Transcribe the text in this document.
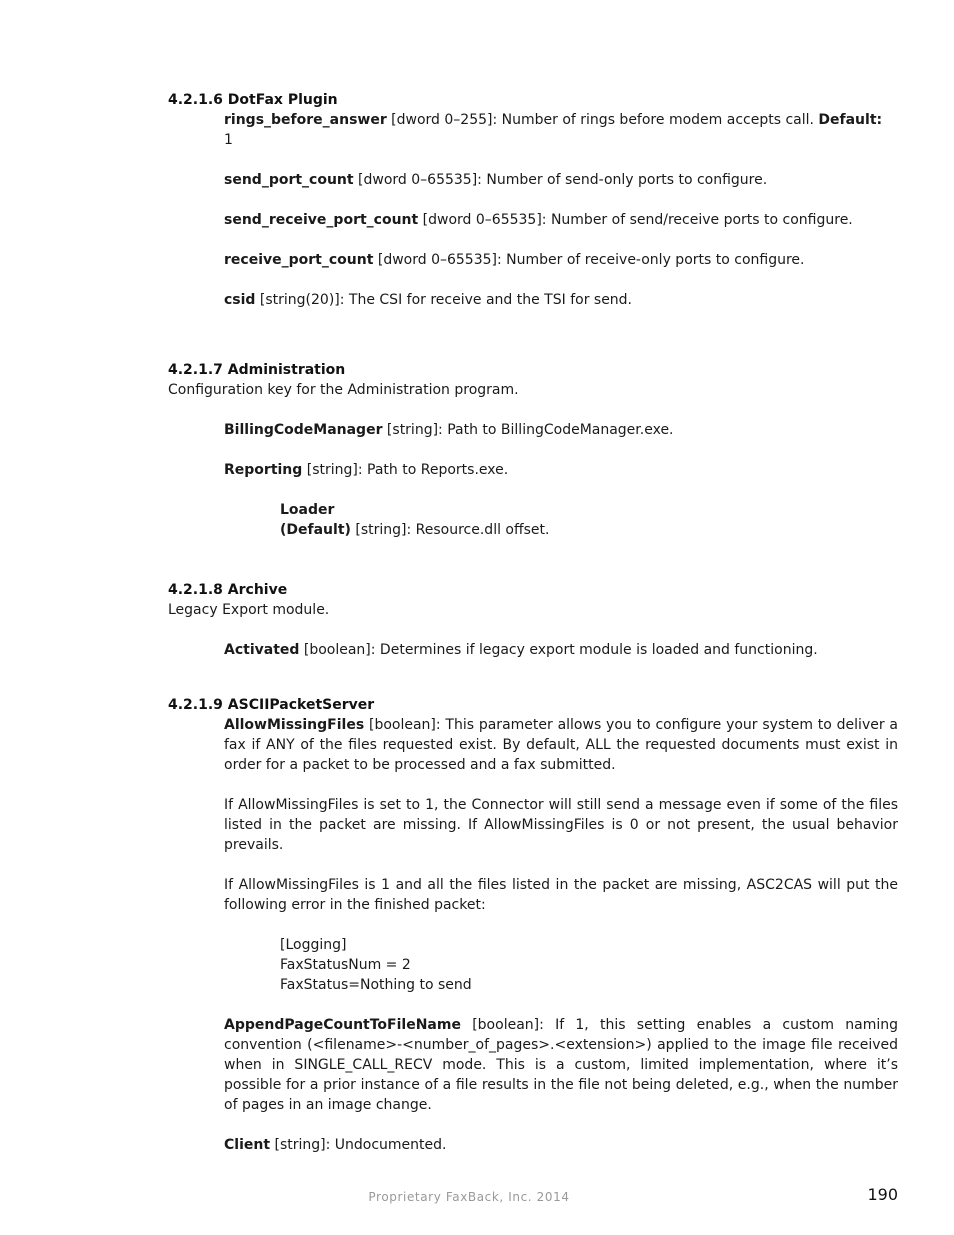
4.2.1.6 DotFax Plugin

rings_before_answer [dword 0–255]: Number of rings before modem accepts call. Default:
1

send_port_count [dword 0–65535]: Number of send-only ports to configure.

send_receive_port_count [dword 0–65535]: Number of send/receive ports to configure.

receive_port_count [dword 0–65535]: Number of receive-only ports to configure.

csid [string(20)]: The CSI for receive and the TSI for send.

4.2.1.7 Administration

Configuration key for the Administration program.

BillingCodeManager [string]: Path to BillingCodeManager.exe.

Reporting [string]: Path to Reports.exe.

Loader

(Default) [string]: Resource.dll offset.

4.2.1.8 Archive

Legacy Export module.

Activated [boolean]: Determines if legacy export module is loaded and functioning.

4.2.1.9 ASCIIPacketServer

AllowMissingFiles [boolean]: This parameter allows you to configure your system to deliver a fax if ANY of the files requested exist. By default, ALL the requested documents must exist in order for a packet to be processed and a fax submitted.

If AllowMissingFiles is set to 1, the Connector will still send a message even if some of the files listed in the packet are missing. If AllowMissingFiles is 0 or not present, the usual behavior prevails.

If AllowMissingFiles is 1 and all the files listed in the packet are missing, ASC2CAS will put the following error in the finished packet:

[Logging]

FaxStatusNum = 2

FaxStatus=Nothing to send

AppendPageCountToFileName [boolean]: If 1, this setting enables a custom naming convention (<filename>-<number_of_pages>.<extension>) applied to the image file received when in SINGLE_CALL_RECV mode. This is a custom, limited implementation, where it’s possible for a prior instance of a file results in the file not being deleted, e.g., when the number of pages in an image change.

Client [string]: Undocumented.

Proprietary FaxBack, Inc. 2014	190
